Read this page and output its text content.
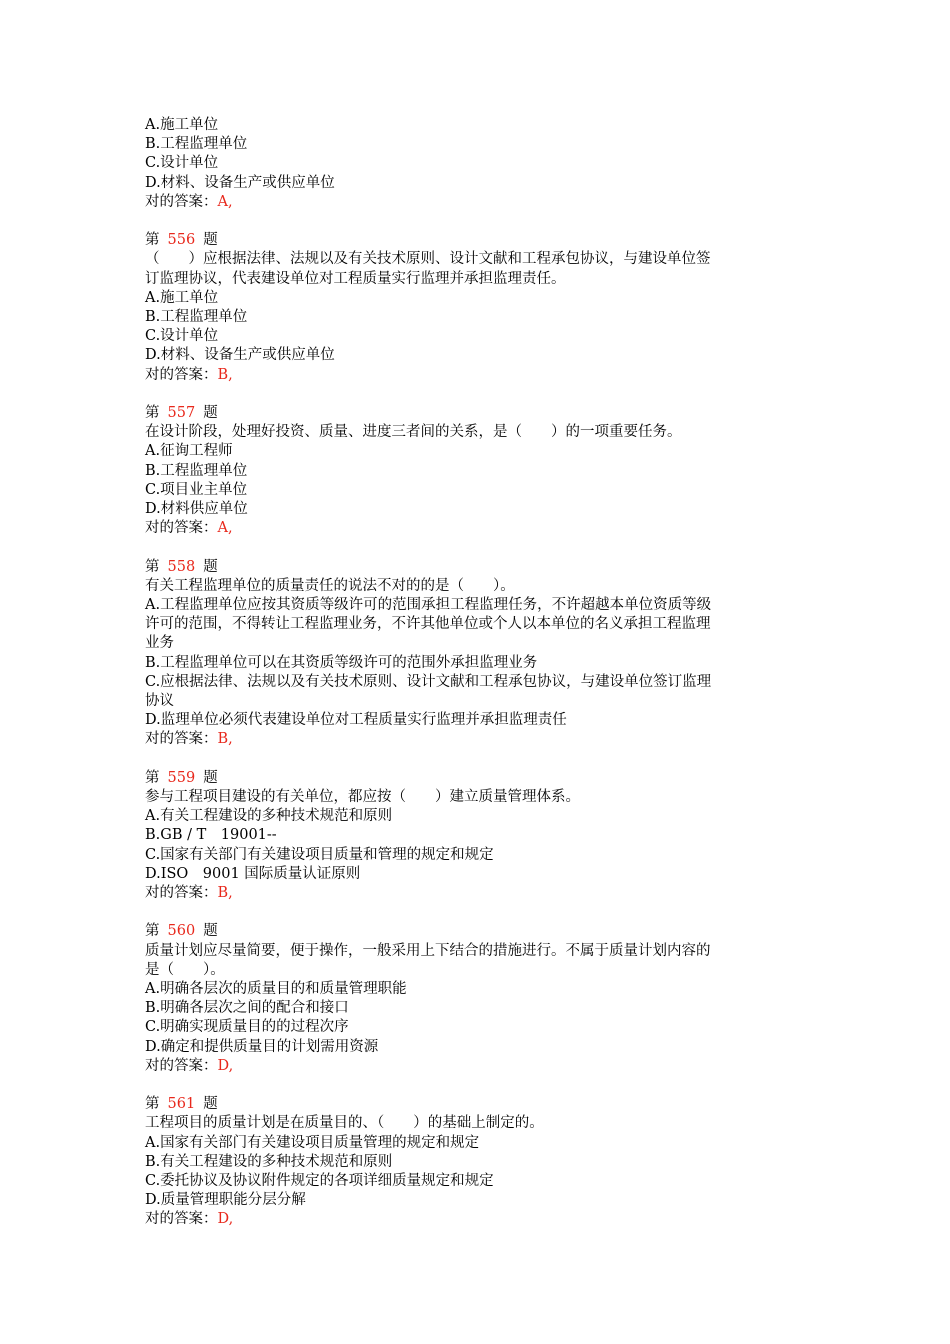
A.施工单位

B.工程监理单位

C.设计单位

D.材料、设备生产或供应单位

对的答案：A,

第 556 题

（　　）应根据法律、法规以及有关技术原则、设计文献和工程承包协议，与建设单位签

订监理协议，代表建设单位对工程质量实行监理并承担监理责任。

A.施工单位

B.工程监理单位

C.设计单位

D.材料、设备生产或供应单位

对的答案：B,

第 557 题

在设计阶段，处理好投资、质量、进度三者间的关系，是（　　）的一项重要任务。

A.征询工程师

B.工程监理单位

C.项目业主单位

D.材料供应单位

对的答案：A,

第 558 题

有关工程监理单位的质量责任的说法不对的的是（　　）。

A.工程监理单位应按其资质等级许可的范围承担工程监理任务，不许超越本单位资质等级

许可的范围，不得转让工程监理业务，不许其他单位或个人以本单位的名义承担工程监理

业务

B.工程监理单位可以在其资质等级许可的范围外承担监理业务

C.应根据法律、法规以及有关技术原则、设计文献和工程承包协议，与建设单位签订监理

协议

D.监理单位必须代表建设单位对工程质量实行监理并承担监理责任

对的答案：B,

第 559 题

参与工程项目建设的有关单位，都应按（　　）建立质量管理体系。

A.有关工程建设的多种技术规范和原则

B.GB / T　19001--

C.国家有关部门有关建设项目质量和管理的规定和规定

D.ISO　9001 国际质量认证原则

对的答案：B,

第 560 题

质量计划应尽量简要，便于操作，一般采用上下结合的措施进行。不属于质量计划内容的

是（　　）。

A.明确各层次的质量目的和质量管理职能

B.明确各层次之间的配合和接口

C.明确实现质量目的的过程次序

D.确定和提供质量目的计划需用资源

对的答案：D,

第 561 题

工程项目的质量计划是在质量目的、（　　）的基础上制定的。

A.国家有关部门有关建设项目质量管理的规定和规定

B.有关工程建设的多种技术规范和原则

C.委托协议及协议附件规定的各项详细质量规定和规定

D.质量管理职能分层分解

对的答案：D,
